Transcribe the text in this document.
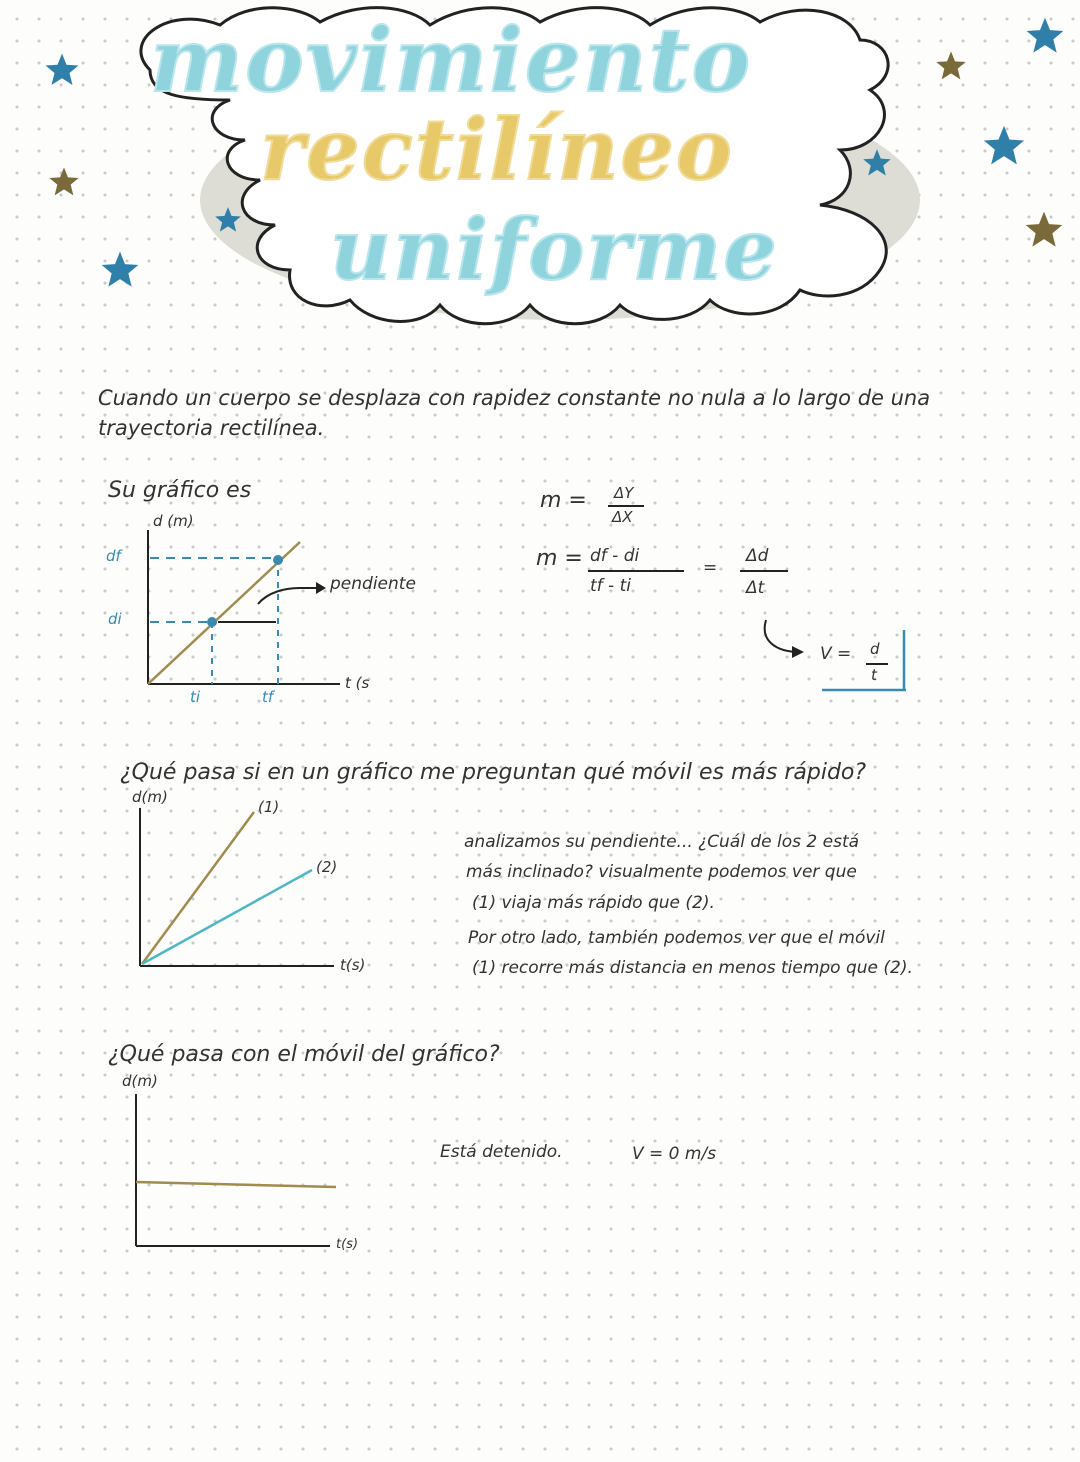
movimiento
rectilíneo
uniforme
Cuando un cuerpo se desplaza con rapidez constante no nula a lo largo de una trayectoria rectilínea.
Su gráfico es
d (m)
df
di
ti	tf
t (s
pendiente
m = ΔY
ΔX
m = df - di
tf - ti
=
Δd
Δt
V = d
t
¿Qué pasa si en un gráfico me preguntan qué móvil es más rápido?
d(m)
(1)
(2)
t(s)
analizamos su pendiente... ¿Cuál de los 2 está
más inclinado? visualmente podemos ver que
(1) viaja más rápido que (2).
Por otro lado, también podemos ver que el móvil
(1) recorre más distancia en menos tiempo que (2).
¿Qué pasa con el móvil del gráfico?
d(m)
t(s)
Está detenido.	V = 0 m/s
